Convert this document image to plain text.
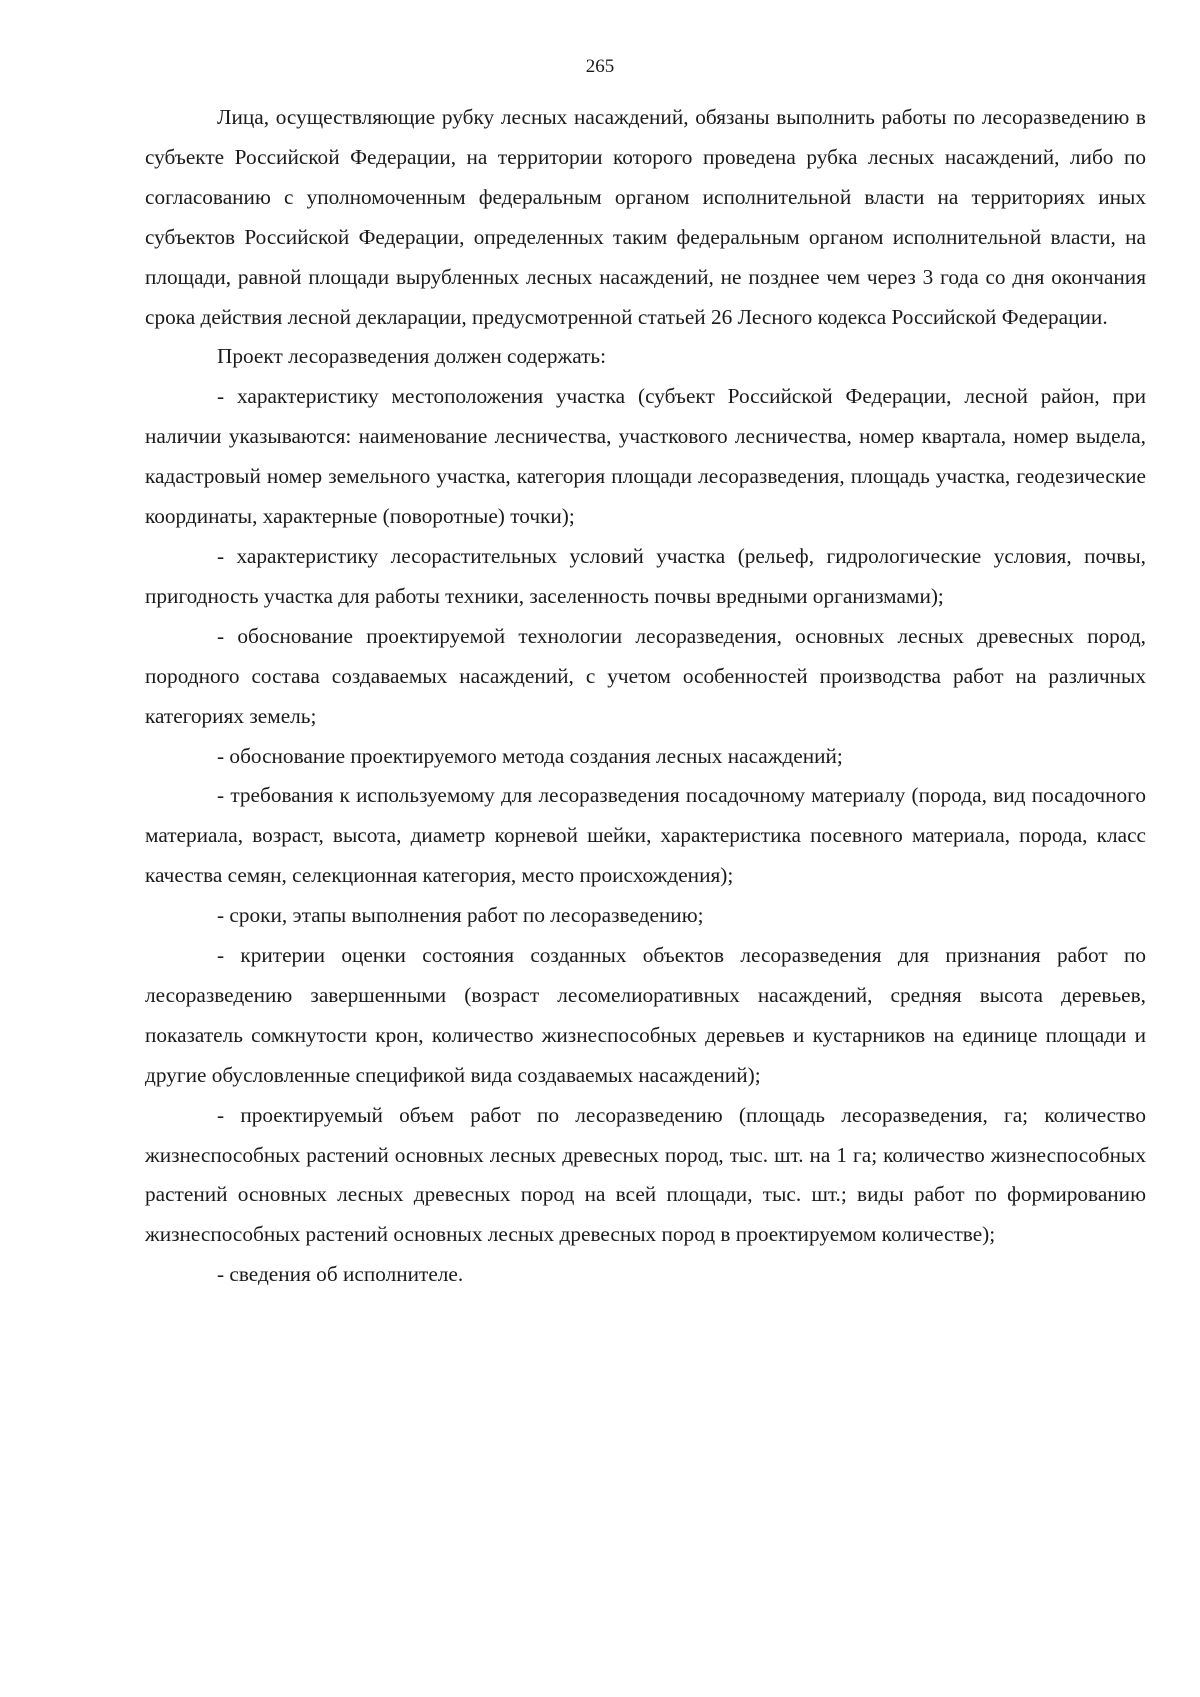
265

Лица, осуществляющие рубку лесных насаждений, обязаны выполнить работы по лесоразведению в субъекте Российской Федерации, на территории которого проведена рубка лесных насаждений, либо по согласованию с уполномоченным федеральным органом исполнительной власти на территориях иных субъектов Российской Федерации, определенных таким федеральным органом исполнительной власти, на площади, равной площади вырубленных лесных насаждений, не позднее чем через 3 года со дня окончания срока действия лесной декларации, предусмотренной статьей 26 Лесного кодекса Российской Федерации.

Проект лесоразведения должен содержать:

- характеристику местоположения участка (субъект Российской Федерации, лесной район, при наличии указываются: наименование лесничества, участкового лесничества, номер квартала, номер выдела, кадастровый номер земельного участка, категория площади лесоразведения, площадь участка, геодезические координаты, характерные (поворотные) точки);

- характеристику лесорастительных условий участка (рельеф, гидрологические условия, почвы, пригодность участка для работы техники, заселенность почвы вредными организмами);

- обоснование проектируемой технологии лесоразведения, основных лесных древесных пород, породного состава создаваемых насаждений, с учетом особенностей производства работ на различных категориях земель;

- обоснование проектируемого метода создания лесных насаждений;

- требования к используемому для лесоразведения посадочному материалу (порода, вид посадочного материала, возраст, высота, диаметр корневой шейки, характеристика посевного материала, порода, класс качества семян, селекционная категория, место происхождения);

- сроки, этапы выполнения работ по лесоразведению;

- критерии оценки состояния созданных объектов лесоразведения для признания работ по лесоразведению завершенными (возраст лесомелиоративных насаждений, средняя высота деревьев, показатель сомкнутости крон, количество жизнеспособных деревьев и кустарников на единице площади и другие обусловленные спецификой вида создаваемых насаждений);

- проектируемый объем работ по лесоразведению (площадь лесоразведения, га; количество жизнеспособных растений основных лесных древесных пород, тыс. шт. на 1 га; количество жизнеспособных растений основных лесных древесных пород на всей площади, тыс. шт.; виды работ по формированию жизнеспособных растений основных лесных древесных пород в проектируемом количестве);

- сведения об исполнителе.
